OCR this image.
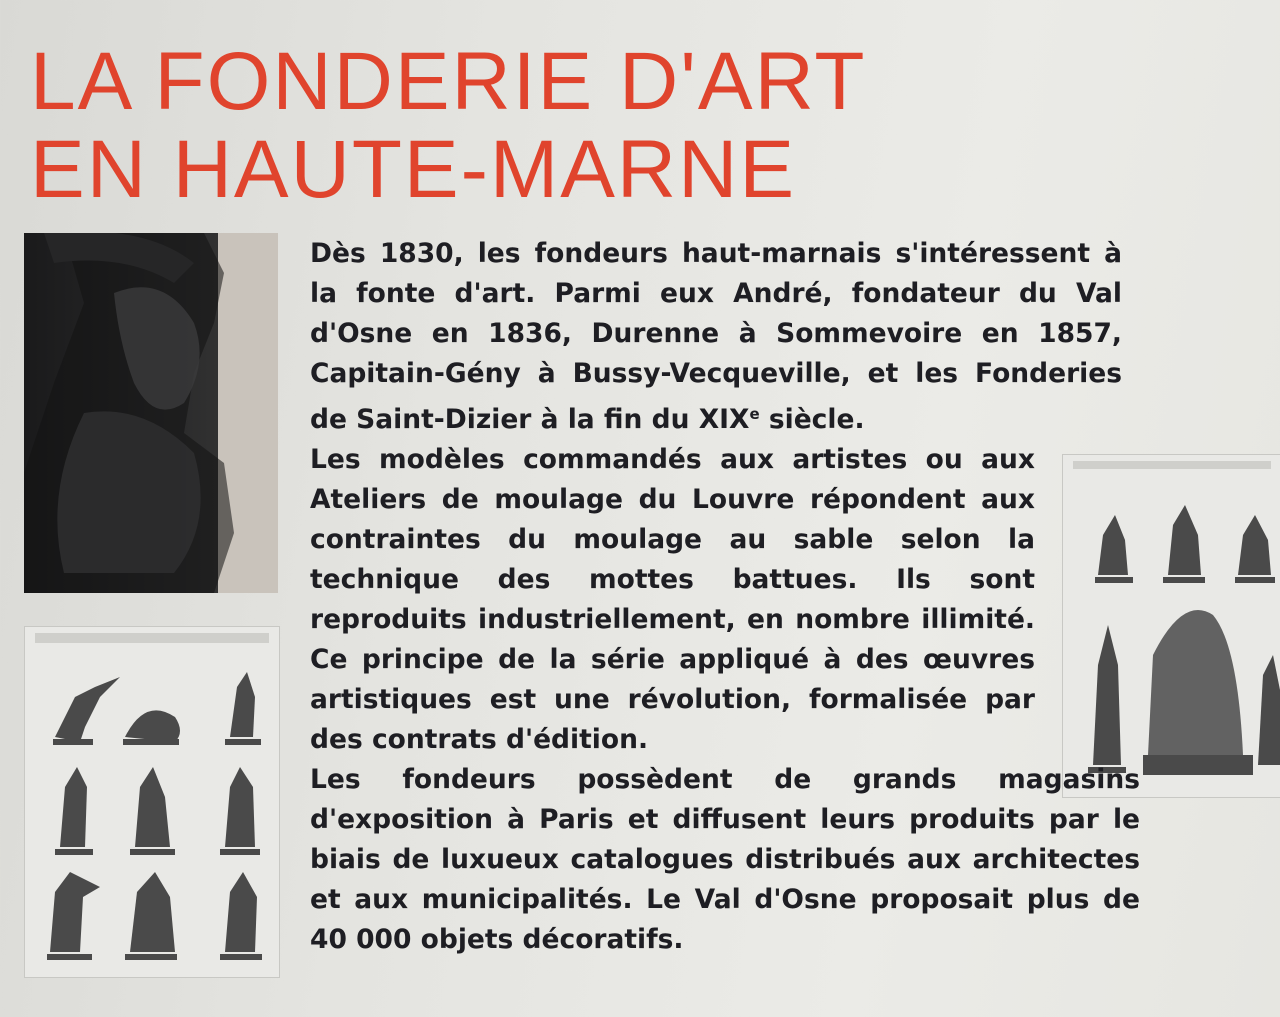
LA FONDERIE D'ART
EN HAUTE-MARNE

Dès 1830, les fondeurs haut-marnais s'intéressent à la fonte d'art. Parmi eux André, fondateur du Val d'Osne en 1836, Durenne à Sommevoire en 1857, Capitain-Gény à Bussy-Vecqueville, et les Fonderies de Saint-Dizier à la fin du XIXe siècle.

Les modèles commandés aux artistes ou aux Ateliers de moulage du Louvre répondent aux contraintes du moulage au sable selon la technique des mottes battues. Ils sont reproduits industriellement, en nombre illimité. Ce principe de la série appliqué à des œuvres artistiques est une révolution, formalisée par des contrats d'édition.

Les fondeurs possèdent de grands magasins d'exposition à Paris et diffusent leurs produits par le biais de luxueux catalogues distribués aux architectes et aux municipalités. Le Val d'Osne proposait plus de 40 000 objets décoratifs.
